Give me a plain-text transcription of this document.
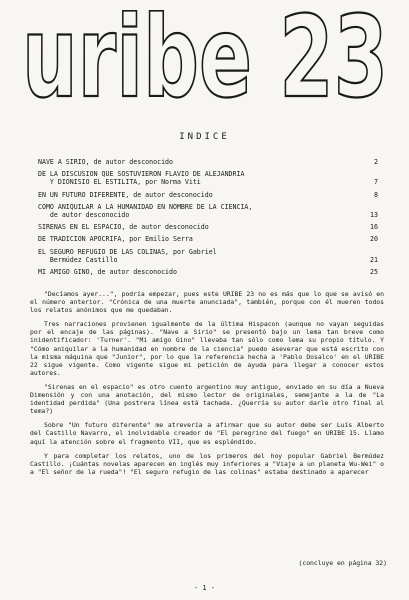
uribe 23
INDICE
NAVE A SIRIO, de autor desconocido	2
DE LA DISCUSION QUE SOSTUVIERON FLAVIO DE ALEJANDRIA
Y DIONISIO EL ESTILITA, por Norma Viti	7
EN UN FUTURO DIFERENTE, de autor desconocido	8
COMO ANIQUILAR A LA HUMANIDAD EN NOMBRE DE LA CIENCIA,
de autor desconocido	13
SIRENAS EN EL ESPACIO, de autor desconocido	16
DE TRADICION APOCRIFA, por Emilio Serra	20
EL SEGURO REFUGIO DE LAS COLINAS, por Gabriel
Bermúdez Castillo	21
MI AMIGO GINO, de autor desconocido	25

"Decíamos ayer...", podría empezar, pues este URIBE 23 no es más que lo que se avisó en el número anterior. "Crónica de una muerte anunciada", también, porque con él mueren todos los relatos anónimos que me quedaban.

Tres narraciones provienen igualmente de la última Hispacon (aunque no vayan seguidas por el encaje de las páginas). "Nave a Sirio" se presentó bajo un lema tan breve como inidentificador: 'Turner'. "Mi amigo Gino" llevaba tan sólo como lema su propio título. Y "Cómo aniquilar a la humanidad en nombre de la ciencia" puedo aseverar que está escrito con la misma máquina que "Junior", por lo que la referencia hecha a 'Pablo Dosalco' en el URIBE 22 sigue vigente. Como vigente sigue mi petición de ayuda para llegar a conocer estos autores.

"Sirenas en el espacio" es otro cuento argentino muy antiguo, enviado en su día a Nueva Dimensión y con una anotación, del mismo lector de originales, semejante a la de "La identidad perdida" (Una postrera línea está tachada. ¿Querría su autor darle otro final al tema?)

Sobre "Un futuro diferente" me atrevería a afirmar que su autor debe ser Luís Alberto del Castillo Navarro, el inolvidable creador de "El peregrino del fuego" en URIBE 15. Llamo aquí la atención sobre el fragmento VII, que es espléndido.

Y para completar los relatos, uno de los primeros del hoy popular Gabriel Bermúdez Castillo. ¡Cuántas novelas aparecen en inglés muy inferiores a "Viaje a un planeta Wu-Wei" o a "El señor de la rueda"! "El seguro refugio de las colinas" estaba destinado a aparecer

(concluye en página 32)
- 1 -
